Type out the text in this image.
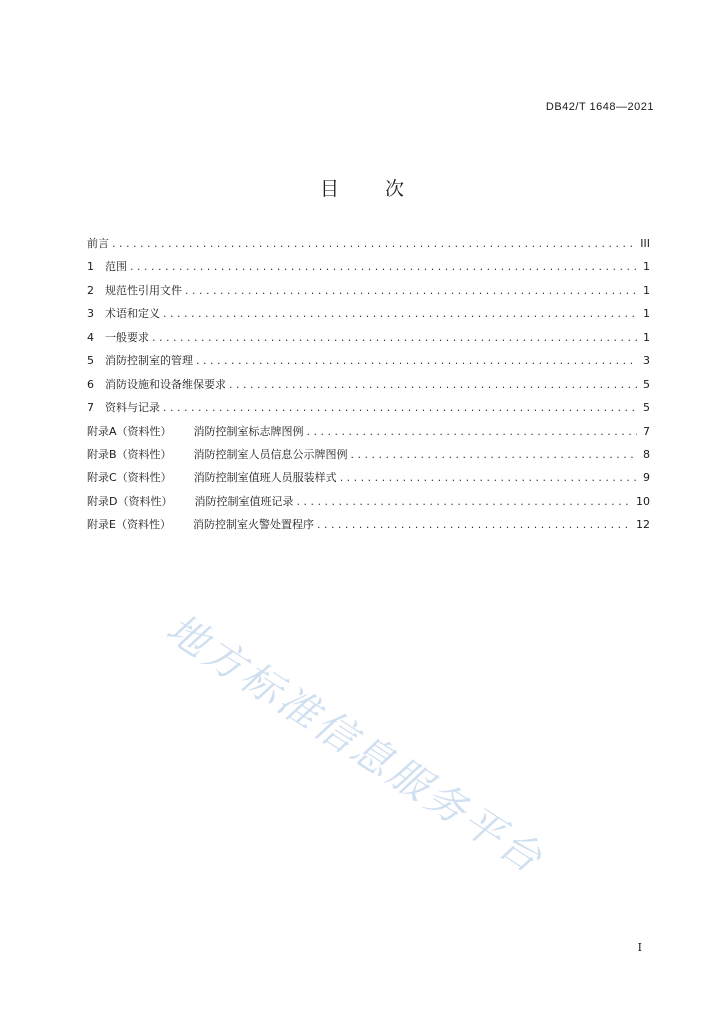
DB42/T 1648—2021
目 次
前言 . . .	III
1	范围 . . .	1
2	规范性引用文件 . . .	1
3	术语和定义 . . .	1
4	一般要求 . . .	1
5	消防控制室的管理 . . .	3
6	消防设施和设备维保要求 . . .	5
7	资料与记录 . . .	5
附录A（资料性） 消防控制室标志牌图例 . . .	7
附录B（资料性） 消防控制室人员信息公示牌图例 . . .	8
附录C（资料性） 消防控制室值班人员服装样式 . . .	9
附录D（资料性） 消防控制室值班记录 . . .	10
附录E（资料性） 消防控制室火警处置程序 . . .	12
地方标准信息服务平台
I
